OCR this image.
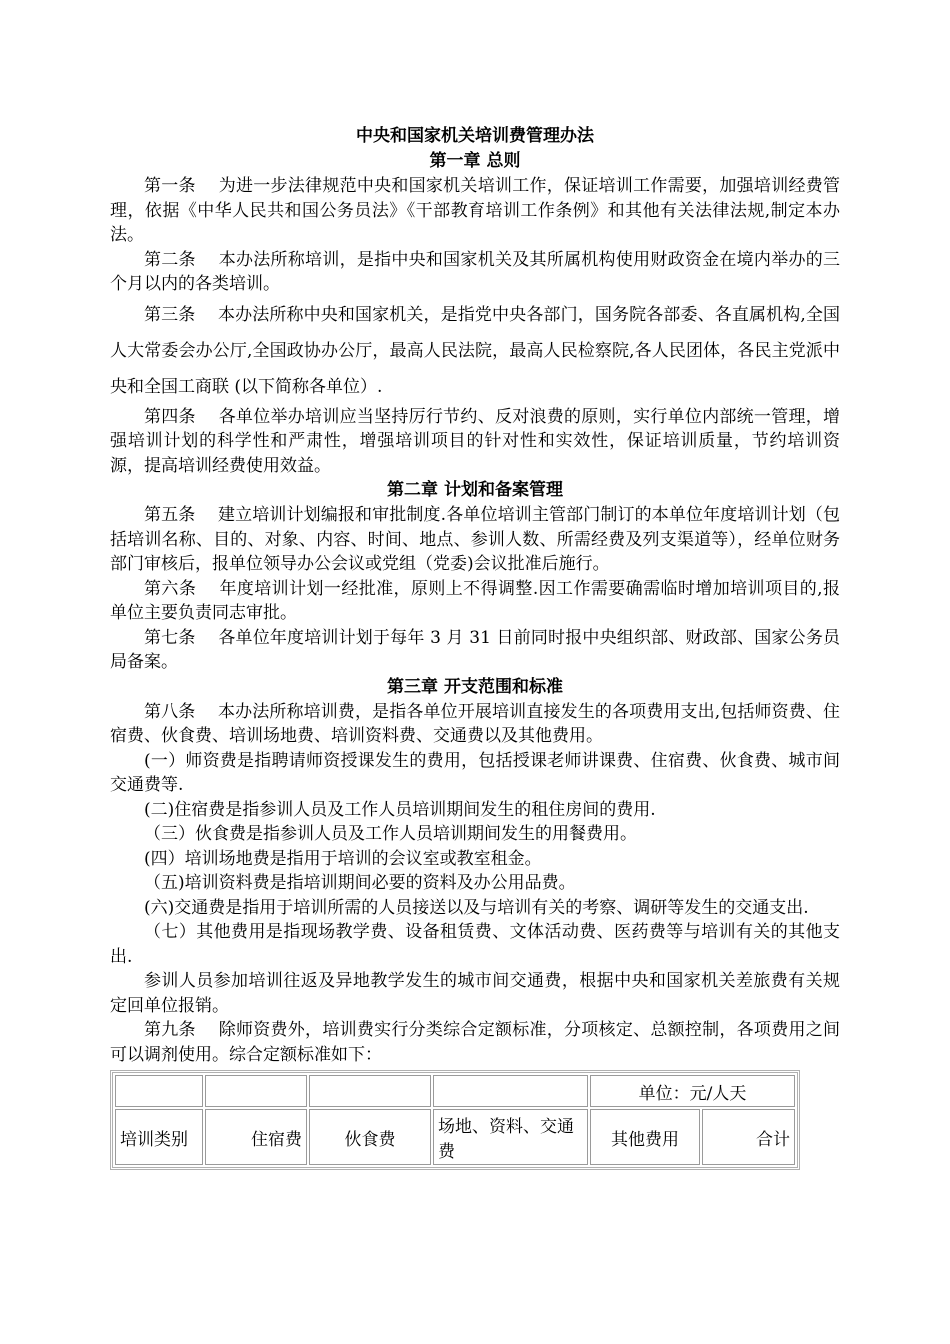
中央和国家机关培训费管理办法
第一章 总则

第一条　 为进一步法律规范中央和国家机关培训工作，保证培训工作需要，加强培训经费管理，依据《中华人民共和国公务员法》《干部教育培训工作条例》和其他有关法律法规,制定本办法。

第二条　 本办法所称培训，是指中央和国家机关及其所属机构使用财政资金在境内举办的三个月以内的各类培训。

第三条　 本办法所称中央和国家机关，是指党中央各部门，国务院各部委、各直属机构,全国人大常委会办公厅,全国政协办公厅，最高人民法院，最高人民检察院,各人民团体，各民主党派中央和全国工商联 (以下简称各单位）.

第四条　 各单位举办培训应当坚持厉行节约、反对浪费的原则，实行单位内部统一管理，增强培训计划的科学性和严肃性，增强培训项目的针对性和实效性，保证培训质量，节约培训资源，提高培训经费使用效益。

第二章 计划和备案管理

第五条　 建立培训计划编报和审批制度.各单位培训主管部门制订的本单位年度培训计划（包括培训名称、目的、对象、内容、时间、地点、参训人数、所需经费及列支渠道等），经单位财务部门审核后，报单位领导办公会议或党组（党委)会议批准后施行。

第六条　 年度培训计划一经批准，原则上不得调整.因工作需要确需临时增加培训项目的,报单位主要负责同志审批。

第七条　 各单位年度培训计划于每年 3 月 31 日前同时报中央组织部、财政部、国家公务员局备案。

第三章 开支范围和标准

第八条　 本办法所称培训费，是指各单位开展培训直接发生的各项费用支出,包括师资费、住宿费、伙食费、培训场地费、培训资料费、交通费以及其他费用。

(一）师资费是指聘请师资授课发生的费用，包括授课老师讲课费、住宿费、伙食费、城市间交通费等.

(二)住宿费是指参训人员及工作人员培训期间发生的租住房间的费用.

（三）伙食费是指参训人员及工作人员培训期间发生的用餐费用。

(四）培训场地费是指用于培训的会议室或教室租金。

（五)培训资料费是指培训期间必要的资料及办公用品费。

(六)交通费是指用于培训所需的人员接送以及与培训有关的考察、调研等发生的交通支出.

（七）其他费用是指现场教学费、设备租赁费、文体活动费、医药费等与培训有关的其他支出.

参训人员参加培训往返及异地教学发生的城市间交通费，根据中央和国家机关差旅费有关规定回单位报销。

第九条　 除师资费外，培训费实行分类综合定额标准，分项核定、总额控制，各项费用之间可以调剂使用。综合定额标准如下：

				单位：元/人天	
培训类别	住宿费	伙食费	场地、资料、交通费	其他费用	合计
